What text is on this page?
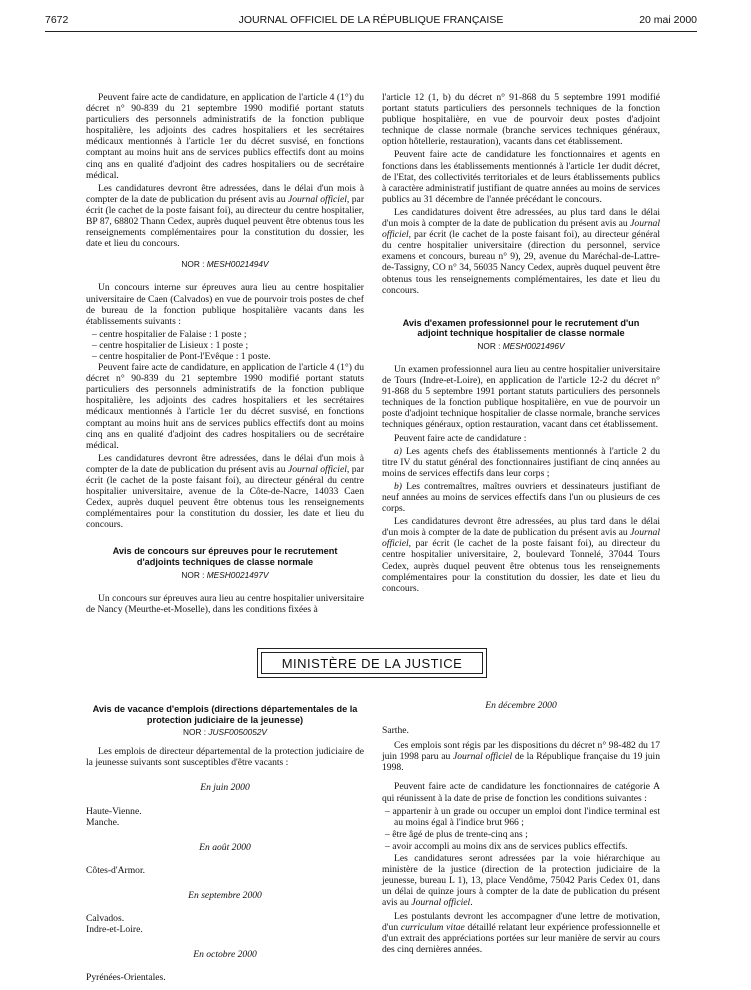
7672	JOURNAL OFFICIEL DE LA RÉPUBLIQUE FRANÇAISE	20 mai 2000

Peuvent faire acte de candidature, en application de l'article 4 (1°) du décret n° 90-839 du 21 septembre 1990 modifié portant statuts particuliers des personnels administratifs de la fonction publique hospitalière, les adjoints des cadres hospitaliers et les secrétaires médicaux mentionnés à l'article 1er du décret susvisé, en fonctions comptant au moins huit ans de services publics effectifs dont au moins cinq ans en qualité d'adjoint des cadres hospitaliers ou de secrétaire médical.

Les candidatures devront être adressées, dans le délai d'un mois à compter de la date de publication du présent avis au Journal officiel, par écrit (le cachet de la poste faisant foi), au directeur du centre hospitalier, BP 87, 68802 Thann Cedex, auprès duquel peuvent être obtenus tous les renseignements complémentaires pour la constitution du dossier, les date et lieu du concours.

NOR : MESH0021494V

Un concours interne sur épreuves aura lieu au centre hospitalier universitaire de Caen (Calvados) en vue de pourvoir trois postes de chef de bureau de la fonction publique hospitalière vacants dans les établissements suivants :

– centre hospitalier de Falaise : 1 poste ;

– centre hospitalier de Lisieux : 1 poste ;

– centre hospitalier de Pont-l'Evêque : 1 poste.

Peuvent faire acte de candidature, en application de l'article 4 (1°) du décret n° 90-839 du 21 septembre 1990 modifié portant statuts particuliers des personnels administratifs de la fonction publique hospitalière, les adjoints des cadres hospitaliers et les secrétaires médicaux mentionnés à l'article 1er du décret susvisé, en fonctions comptant au moins huit ans de services publics effectifs dont au moins cinq ans en qualité d'adjoint des cadres hospitaliers ou de secrétaire médical.

Les candidatures devront être adressées, dans le délai d'un mois à compter de la date de publication du présent avis au Journal officiel, par écrit (le cachet de la poste faisant foi), au directeur général du centre hospitalier universitaire, avenue de la Côte-de-Nacre, 14033 Caen Cedex, auprès duquel peuvent être obtenus tous les renseignements complémentaires pour la constitution du dossier, les date et lieu du concours.

Avis de concours sur épreuves pour le recrutement d'adjoints techniques de classe normale

NOR : MESH0021497V

Un concours sur épreuves aura lieu au centre hospitalier universitaire de Nancy (Meurthe-et-Moselle), dans les conditions fixées à

l'article 12 (1, b) du décret n° 91-868 du 5 septembre 1991 modifié portant statuts particuliers des personnels techniques de la fonction publique hospitalière, en vue de pourvoir deux postes d'adjoint technique de classe normale (branche services techniques généraux, option hôtellerie, restauration), vacants dans cet établissement.

Peuvent faire acte de candidature les fonctionnaires et agents en fonctions dans les établissements mentionnés à l'article 1er dudit décret, de l'Etat, des collectivités territoriales et de leurs établissements publics à caractère administratif justifiant de quatre années au moins de services publics au 31 décembre de l'année précédant le concours.

Les candidatures doivent être adressées, au plus tard dans le délai d'un mois à compter de la date de publication du présent avis au Journal officiel, par écrit (le cachet de la poste faisant foi), au directeur général du centre hospitalier universitaire (direction du personnel, service examens et concours, bureau n° 9), 29, avenue du Maréchal-de-Lattre-de-Tassigny, CO n° 34, 56035 Nancy Cedex, auprès duquel peuvent être obtenus tous les renseignements complémentaires, les date et lieu du concours.

Avis d'examen professionnel pour le recrutement d'un adjoint technique hospitalier de classe normale

NOR : MESH0021496V

Un examen professionnel aura lieu au centre hospitalier universitaire de Tours (Indre-et-Loire), en application de l'article 12-2 du décret n° 91-868 du 5 septembre 1991 portant statuts particuliers des personnels techniques de la fonction publique hospitalière, en vue de pourvoir un poste d'adjoint technique hospitalier de classe normale, branche services techniques généraux, option restauration, vacant dans cet établissement.

Peuvent faire acte de candidature :

a) Les agents chefs des établissements mentionnés à l'article 2 du titre IV du statut général des fonctionnaires justifiant de cinq années au moins de services effectifs dans leur corps ;

b) Les contremaîtres, maîtres ouvriers et dessinateurs justifiant de neuf années au moins de services effectifs dans l'un ou plusieurs de ces corps.

Les candidatures devront être adressées, au plus tard dans le délai d'un mois à compter de la date de publication du présent avis au Journal officiel, par écrit (le cachet de la poste faisant foi), au directeur du centre hospitalier universitaire, 2, boulevard Tonnelé, 37044 Tours Cedex, auprès duquel peuvent être obtenus tous les renseignements complémentaires pour la constitution du dossier, les date et lieu du concours.

MINISTÈRE DE LA JUSTICE
Avis de vacance d'emplois (directions départementales de la protection judiciaire de la jeunesse)

NOR : JUSF0050052V

Les emplois de directeur départemental de la protection judiciaire de la jeunesse suivants sont susceptibles d'être vacants :

En juin 2000

Haute-Vienne.

Manche.

En août 2000

Côtes-d'Armor.

En septembre 2000

Calvados.

Indre-et-Loire.

En octobre 2000

Pyrénées-Orientales.

En décembre 2000

Sarthe.

Ces emplois sont régis par les dispositions du décret n° 98-482 du 17 juin 1998 paru au Journal officiel de la République française du 19 juin 1998.

Peuvent faire acte de candidature les fonctionnaires de catégorie A qui réunissent à la date de prise de fonction les conditions suivantes :

– appartenir à un grade ou occuper un emploi dont l'indice terminal est au moins égal à l'indice brut 966 ;

– être âgé de plus de trente-cinq ans ;

– avoir accompli au moins dix ans de services publics effectifs.

Les candidatures seront adressées par la voie hiérarchique au ministère de la justice (direction de la protection judiciaire de la jeunesse, bureau L 1), 13, place Vendôme, 75042 Paris Cedex 01, dans un délai de quinze jours à compter de la date de publication du présent avis au Journal officiel.

Les postulants devront les accompagner d'une lettre de motivation, d'un curriculum vitae détaillé relatant leur expérience professionnelle et d'un extrait des appréciations portées sur leur manière de servir au cours des cinq dernières années.
